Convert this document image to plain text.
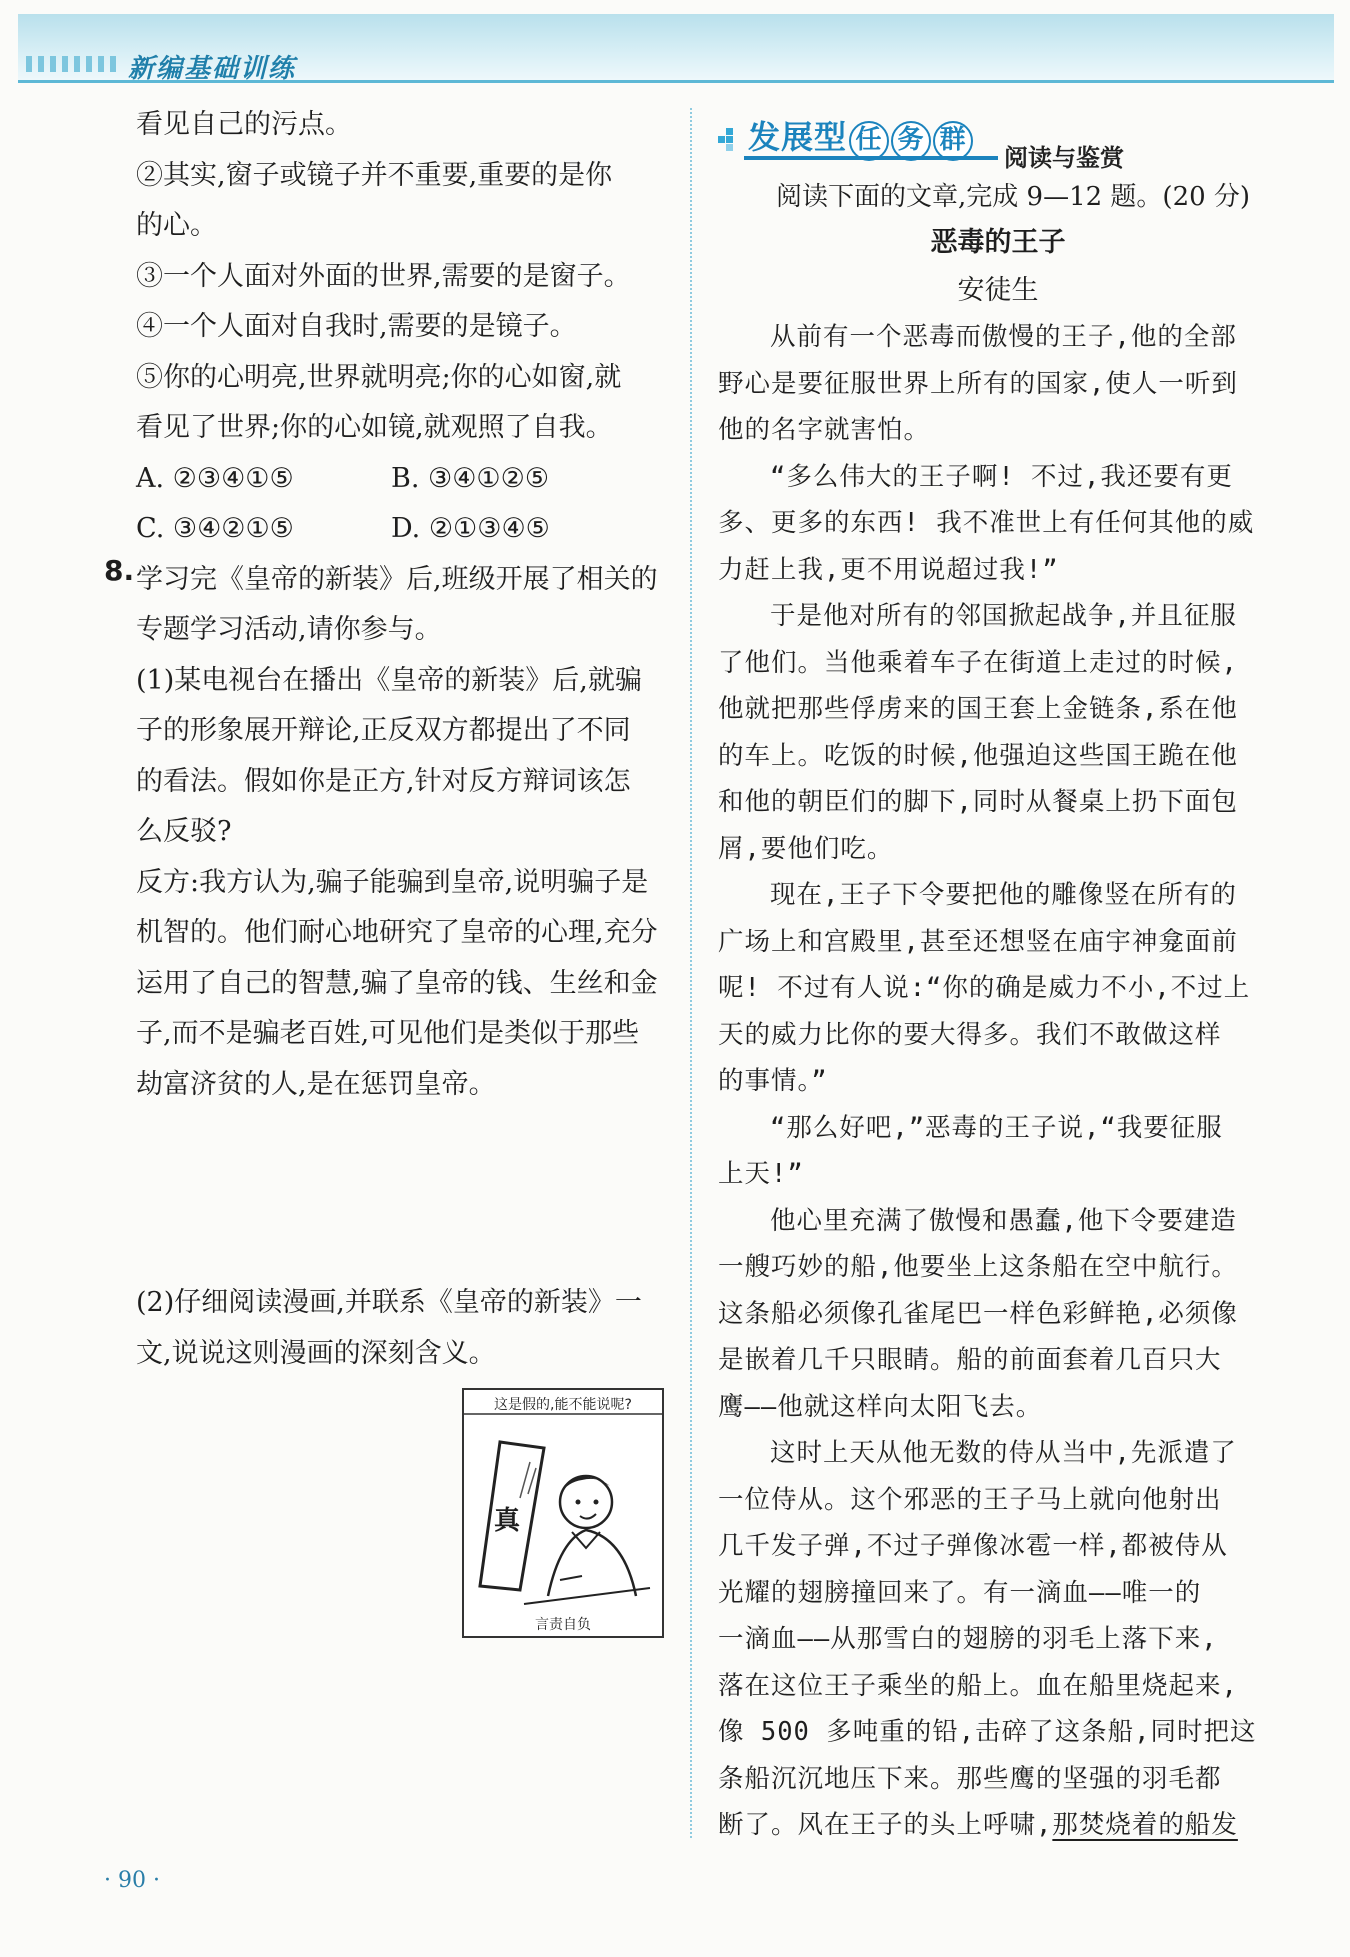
新编基础训练
看见自己的污点。
②其实,窗子或镜子并不重要,重要的是你
的心。
③一个人面对外面的世界,需要的是窗子。
④一个人面对自我时,需要的是镜子。
⑤你的心明亮,世界就明亮;你的心如窗,就
看见了世界;你的心如镜,就观照了自我。
A. ②③④①⑤	B. ③④①②⑤
C. ③④②①⑤	D. ②①③④⑤
学习完《皇帝的新装》后,班级开展了相关的
专题学习活动,请你参与。
(1)某电视台在播出《皇帝的新装》后,就骗
子的形象展开辩论,正反双方都提出了不同
的看法。假如你是正方,针对反方辩词该怎
么反驳?
反方:我方认为,骗子能骗到皇帝,说明骗子是
机智的。他们耐心地研究了皇帝的心理,充分
运用了自己的智慧,骗了皇帝的钱、生丝和金
子,而不是骗老百姓,可见他们是类似于那些
劫富济贫的人,是在惩罚皇帝。
(2)仔细阅读漫画,并联系《皇帝的新装》一
文,说说这则漫画的深刻含义。
8.
这是假的,能不能说呢?
真
言责自负
发展型 任 务 群
阅读与鉴赏
阅读下面的文章,完成 9—12 题。(20 分)
恶毒的王子
安徒生
从前有一个恶毒而傲慢的王子,他的全部
野心是要征服世界上所有的国家,使人一听到
他的名字就害怕。
“多么伟大的王子啊! 不过,我还要有更
多、更多的东西! 我不准世上有任何其他的威
力赶上我,更不用说超过我!”
于是他对所有的邻国掀起战争,并且征服
了他们。当他乘着车子在街道上走过的时候,
他就把那些俘虏来的国王套上金链条,系在他
的车上。吃饭的时候,他强迫这些国王跪在他
和他的朝臣们的脚下,同时从餐桌上扔下面包
屑,要他们吃。
现在,王子下令要把他的雕像竖在所有的
广场上和宫殿里,甚至还想竖在庙宇神龛面前
呢! 不过有人说:“你的确是威力不小,不过上
天的威力比你的要大得多。我们不敢做这样
的事情。”
“那么好吧,”恶毒的王子说,“我要征服
上天!”
他心里充满了傲慢和愚蠢,他下令要建造
一艘巧妙的船,他要坐上这条船在空中航行。
这条船必须像孔雀尾巴一样色彩鲜艳,必须像
是嵌着几千只眼睛。船的前面套着几百只大
鹰——他就这样向太阳飞去。
这时上天从他无数的侍从当中,先派遣了
一位侍从。这个邪恶的王子马上就向他射出
几千发子弹,不过子弹像冰雹一样,都被侍从
光耀的翅膀撞回来了。有一滴血——唯一的
一滴血——从那雪白的翅膀的羽毛上落下来,
落在这位王子乘坐的船上。血在船里烧起来,
像 500 多吨重的铅,击碎了这条船,同时把这
条船沉沉地压下来。那些鹰的坚强的羽毛都
断了。风在王子的头上呼啸,那焚烧着的船发
· 90 ·
